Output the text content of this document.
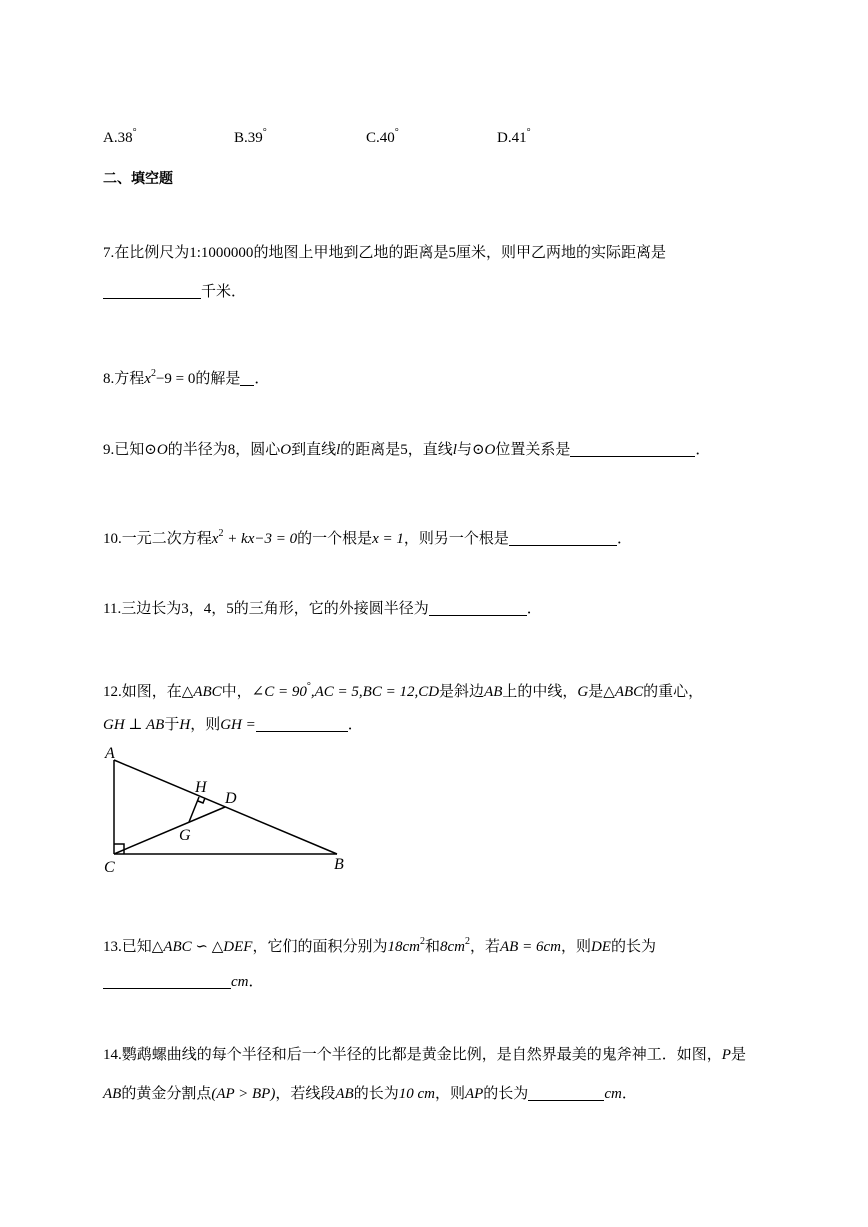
A.38°	B.39°	C.40°	D.41°
二、填空题
7.在比例尺为1:1000000的地图上甲地到乙地的距离是5厘米，则甲乙两地的实际距离是
千米．
8.方程$x^2-9 = 0$的解是 ．
9.已知⊙O的半径为8，圆心O到直线l的距离是5，直线l与⊙O位置关系是	．
10.一元二次方程$x^2 + kx-3 = 0$的一个根是x = 1，则另一个根是	．
11.三边长为3，4，5的三角形，它的外接圆半径为	．
12.如图，在△ABC中，∠C = 90°,AC = 5,BC = 12,CD是斜边AB上的中线，G是△ABC的重心，
GH ⊥ AB于H，则GH =	．
A
B
C
D
G
H
13.已知△ABC ∽ △DEF，它们的面积分别为$18cm^2$和$8cm^2$，若AB = 6cm，则DE的长为
cm．
14.鹦鹉螺曲线的每个半径和后一个半径的比都是黄金比例，是自然界最美的鬼斧神工．如图，P是
AB的黄金分割点(AP > BP)，若线段AB的长为10 cm，则AP的长为	cm．
